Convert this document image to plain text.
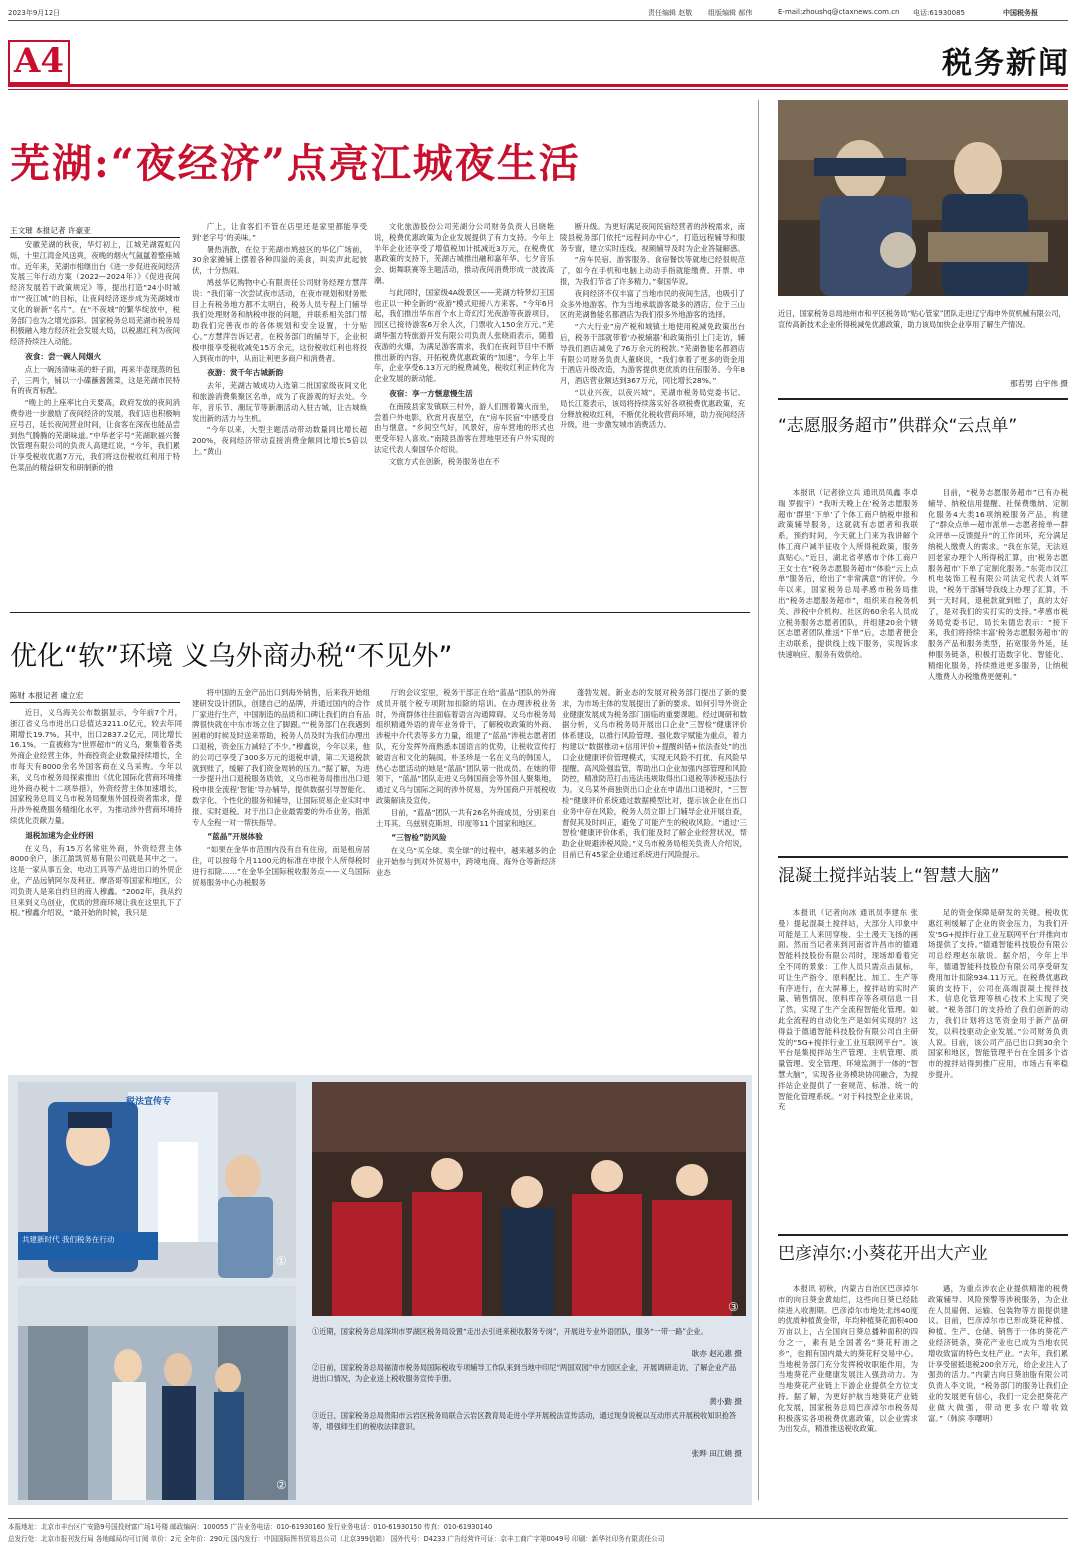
2023年9月12日	责任编辑 赵敬 组版编辑 郝伟	E-mail:zhoushq@ctaxnews.com.cn 电话:61930085	中国税务报
A4	税务新闻
芜湖:“夜经济”点亮江城夜生活
王文璀 本报记者 许豪亚

安徽芜湖的秋夜，华灯初上，江城芜湖霓虹闪烁，十里江湾金风送爽，夜晚的烟火气氤氲着整座城市。近年来，芜湖市相继出台《进一步促进夜间经济发展三年行动方案（2022—2024年）》《促进夜间经济发展若干政策规定》等，提出打造“24小时城市”“夜江城”的目标，让夜间经济逐步成为芜湖城市文化的崭新“名片”。在“不夜城”的繁华绽放中，税务部门也为之增光添彩。国家税务总局芜湖市税务局积极融入地方经济社会发展大局，以税惠红利为夜间经济持续注入动能。

夜食：尝一碗人间烟火

点上一碗汤清味美的虾子面，再来半壶现蒸的包子，三两个，铺以一小碟蘸酱酱菜，这是芜湖市民特有的夜宵标配。

“晚上的上座率比白天要高，政府发放的夜间消费券进一步激励了夜间经济的发展，我们店也积极响应号召，延长夜间营业时间，让食客在深夜也能品尝到热气腾腾的芜湖味道。”中华老字号“芜湖耿福兴餐饮管理有限公司的负责人高建红说，“今年，我们累计享受税收优惠7万元，我们将这份税收红利用于特色菜品的精益研发和研制新的推

广上，让食客们不管在店里还是家里都能享受到‘老字号’的美味。”

暑热消散，在位于芜湖市鸠兹区的华亿广场前，30余家摊铺上摆着各种四溢的美食，叫卖声此起彼伏，十分热闹。

鸠兹华亿购物中心有限责任公司财务经理方慧萍说：“我们第一次尝试夜市活动，在夜市规划和财务账目上有税务地方都不太明白，税务人员专程上门辅导我们处理财务和纳税申报的问题，并联系相关部门帮助我们完善夜市的各体规划和安全设置，十分贴心。”方慧萍告诉记者，在税务部门的辅导下，企业积极申报享受税收减免15万余元，这份税收红利也将投入到夜市的中，从而让利更多商户和消费者。

夜游：赏千年古城新韵

去年，芜湖古城成功入选第二批国家级夜间文化和旅游消费集聚区名单，成为了夜游观的好去处。今年，音乐节、潮玩节等新潮活动入驻古城，让古城焕发出新的活力与生机。

“今年以来，大型主题活动带动数量同比增长超200%，夜间经济带动直接消费金额同比增长5倍以上。”黄山

文化旅游股份公司芜湖分公司财务负责人吕晓艳说，税费优惠政策为企业发展提供了有力支持。今年上半年企业还享受了增值税加计抵减近3万元，在税费优惠政策的支持下，芜湖古城推出融和嘉年华、七夕音乐会、街舞联赛等主题活动，推动夜间消费形成一波波高潮。

与此同时，国家级4A级景区——芜湖方特梦幻王国也正以一种全新的“夜游”模式迎接八方来客。“今年6月起，我们推出华东首个水上奇幻灯光夜游等夜游项目，园区已接待游客6万余人次，门票收入150余万元。”芜湖华强方特旅游开发有限公司负责人张晓雨表示，随着夜游的火爆，为满足游客需求，我们在夜间节目中不断推出新的内容，开拓税费优惠政策的“加速”，今年上半年，企业享受6.13万元的税费减免，税收红利正转化为企业发展的新动能。

夜宿：享一方惬意慢生活

在南陵县家发镇联三村外，游人们围着篝火而坐，尝着户外电影，欣赏月夜星空，在“房车民宿”中感受自由与惬意。“乡间空气好，风景好，房车营地的形式也更受年轻人喜欢。”南陵县游客在营地里还有户外实现的法定代表人秦国华介绍说。

文旅方式在创新，税务服务也在不

断升级。为更好满足夜间民宿经营者的涉税需求，南陵县税务部门依托“远程问办中心”，打造远程辅导和服务专窗，建立实时连线、视频辅导及时为企业答疑解惑。

“房车民宿、游客服务、食宿餐饮等就地已经很规范了，如今在手机和电脑上动动手指就能缴费、开票、申报，为我们节省了许多精力。”秦国华说。

夜间经济不仅丰富了当地市民的夜间生活，也吸引了众多外地游客。作为当地承载游客最多的酒店，位于三山区的芜湖鲁能名都酒店为我们很多外地游客的选择。

“六大行业”房产税和城镇土地使用税减免政策出台后，税务干部就带着‘办税辅器’和政策指引上门走访，辅导我们酒店减免了76万余元的税款。”芜湖鲁能名都酒店有限公司财务负责人董晓说，“我们拿着了更多的资金用于酒店升级改造，为游客提供更优质的住宿服务。今年8月，酒店营业额达到367万元，同比增长28%。”

“以业兴夜，以夜兴城”。芜湖市税务局党委书记、局长江菱表示，该局将持续落实好各项税费优惠政策，充分释放税收红利，不断优化税收营商环境，助力夜间经济升级，进一步激发城市消费活力。

近日，国家税务总局池州市和平区税务局“贴心管家”团队走进辽宁海申外贸机械有限公司，宣传高新技术企业所得税减免优惠政策，助力该局加快企业享用了解生产情况。
那若男 白宇伟 摄
“志愿服务超市”供群众“云点单”

本报讯（记者徐立兵 通讯员凤鑫 李卓瑞 罗振宇）“我听天晚上在‘税务志愿服务超市’群里‘下单’了个体工商户纳税申报和政策辅导服务，这就就有志愿者和我联系，预约时间，今天就上门来为我讲解个体工商户减半征收个人所得税政策，服务真贴心。”近日，湖北省孝感市个体工商户王女士在“税务志愿服务超市”体验“云上点单”服务后，给出了“非常满意”的评价。今年以来，国家税务总局孝感市税务局推出“税务志愿服务超市”，组织来自税务机关、涉税中介机构、社区的60余名人员成立税务服务志愿者团队，并组建20余个辖区志愿者团队推送“下单”后，志愿者便会主动联系，提供线上线下服务，实现诉求快速响应、服务有效供给。

目前，“税务志愿服务超市”已有办税辅导、纳税信用提醒、社保费缴纳、定制化服务4大类16项纳税服务产品，构建了“群众点单—超市派单—志愿者接单—群众评单—反馈提升”的工作闭环，充分满足纳税人缴费人的需求。“我在东莞，无法返回老家办理个人所得税汇算，由‘税务志愿服务超市’下单了定制化服务。”东莞市汉江机电装饰工程有限公司法定代表人刘军说，“税务干部辅导我线上办理了汇算，不到一天时间，退税款就到账了，真的太好了，是对我们的实打实的支持。”孝感市税务局党委书记、局长朱德忠表示：“接下来，我们将持续丰富‘税务志愿服务超市’的服务产品和服务类型，拓宽服务外延，延伸服务链条，积极打造数字化、智能化、精细化服务，持续推进更多服务，让纳税人缴费人办税缴费更便利。”

混凝土搅拌站装上“智慧大脑”

本报讯（记者向冰 通讯员李建东 张曼）提起混凝土搅拌站，大部分人印象中可能是工人来回穿梭、尘土漫天飞扬的画面。然而当记者来到河南省许昌市的德通智能科技股份有限公司时，现场却看着完全不同的景象：工作人员只需点击鼠标，可让生产指令、原料配比、加工、生产等有序进行，在大屏幕上，搅拌站的实时产量、销售情况、原料库存等各项信息一目了然，实现了生产全流程智能化管理。如此全流程的自动化生产是如何实现的？这得益于德通智能科技股份有限公司自主研发的“5G+搅拌行业工业互联网平台”。该平台是集搅拌站生产管理、主机管理、质量管理、安全管理、环境监测于一体的“智慧大脑”，实现各业务模块协同融合，为搅拌站企业提供了一套规范、标准、统一的智能化管理系统。“对于科技型企业来说，充

足的资金保障是研发的关键。税收优惠红利缓解了企业的资金压力，为我们开发‘5G+搅拌行业工业互联网平台’并推向市场提供了支持。”德通智能科技股份有限公司总经理赵东敏说。据介绍，今年上半年，德通智能科技股份有限公司享受研发费用加计扣除934.11万元。在税费优惠政策的支持下，公司在高端混凝土搅拌技术、信息化管理等核心技术上实现了突破。“税务部门的支持给了我们创新的动力，我们计划将这笔资金用于新产品研发，以科技驱动企业发展。”公司财务负责人说。目前，该公司产品已出口到30余个国家和地区，智能管理平台在全国多个省市的搅拌站得到推广应用，市场占有率稳步提升。

巴彦淖尔:小葵花开出大产业

本报讯 初秋，内蒙古自治区巴彦淖尔市的向日葵金黄灿烂，这些向日葵已经陆续进入收割期。巴彦淖尔市地处北纬40度的优质种植黄金带，年均种植葵花面积400万亩以上，占全国向日葵总播种面积的四分之一，素有是全国著名“葵花籽油之乡”，也拥有国内最大的葵花籽交易中心。当地税务部门充分发挥税收职能作用，为当地葵花产业健康发展注入强劲动力。为当地葵花产业链上下游企业提供全方位支持。据了解，为更好护航当地葵花产业链化发展，国家税务总局巴彦淖尔市税务局积极落实各项税费优惠政策，以企业需求为出发点，精准推送税收政策。

遇，为重点涉农企业提供精准的税费政策辅导、风险预警等涉税服务，为企业在人员雇佣、运输、包装物等方面提供建议。目前，巴彦淖尔市已形成葵花种植、种植、生产、仓储、销售于一体的葵花产业经济链条，葵花产业也已成为当地农民增收致富的特色支柱产业。“去年，我们累计享受留抵退税200余万元，给企业注入了强劲的活力。”内蒙古向日葵油脂有限公司负责人李文说，“税务部门的服务让我们企业的发展更有信心，我们一定会把葵花产业做大做强，带动更多农户增收致富。”（韩滨 李曙明）

优化“软”环境 义乌外商办税“不见外”
陈财 本报记者 虞立宏

近日，义乌海关公布数据显示，今年前7个月，浙江省义乌市进出口总值达3211.0亿元，较去年同期增长19.7%。其中，出口2837.2亿元，同比增长16.1%。一直被称为“世界超市”的义乌，聚集着各类外商企业经营主体，外商投资企业数量持续增长，全市每天有8000余名外国客商在义乌采购。今年以来，义乌市税务局探索推出《优化国际化营商环境推进外商办税十二项举措》，外资经营主体加速增长，国家税务总局义乌市税务局聚焦外国投资者需求，提升涉外税费服务精细化水平，为推动涉外营商环境持续优化贡献力量。

退税加速为企业纾困

在义乌，有15万名常驻外商，外资经营主体8000余户，浙江盈凯贸易有限公司就是其中之一。这是一家从事五金、电动工具等产品进出口的外贸企业，产品远销阿尔及利亚、摩洛哥等国家和地区，公司负责人是来自约旦的商人穆鑫。“2002年，我从约旦来到义乌创业，优质的营商环境让我在这里扎下了根。”穆鑫介绍说，“最开始的时候，我只是

将中国的五金产品出口到海外销售，后来我开始组建研发设计团队，创建自己的品牌，并通过国内的合作厂家进行生产，中国制造的品质和口碑让我们的自有品牌很快就在中东市场立住了脚跟。”“税务部门在我遇到困难的时候及时送来帮助，税务人员及时为我们办理出口退税，资金压力减轻了不少。”穆鑫说，今年以来，他的公司已享受了300多万元的退税申请，第二天退税款就到账了，缓解了我们资金周转的压力。”据了解，为进一步提升出口退税服务质效，义乌市税务局推出出口退税申报全流程‘智能’导办辅导，提供数据引导智能化、数字化、个性化的服务和辅导，让国际贸易企业实时申报、实时退税。对于出口企业最需要的外币业务，指派专人全程一对一帮扶指导。

“蓝晶”开展体验

“如果在金华市范围内没有自有住房，而是租房居住，可以按每个月1100元的标准在申报个人所得税时进行扣除……”在金华全国际税收服务点——义乌国际贸易服务中心办税服务

厅的会议室里，税务干部正在给“蓝晶”团队的外商成员开展个税专项附加扣除的培训。在办理涉税业务时，外商群体往往面临着语言沟通障碍。义乌市税务局组织精通外语的青年业务骨干，了解税收政策的外商、涉税中介代表等多方力量，组建了“蓝晶”涉税志愿者团队，充分发挥外商熟悉本国语言的优势，让税收宣传打破语言和文化的隔阂。朴圣珍是一名在义乌的韩国人，热心志愿活动的她是“蓝晶”团队第一批成员。在她的带领下，“蓝晶”团队走进义乌韩国商会等外国人聚集地，通过义乌与国际之间的涉外贸易，为外国商户开展税收政策解读及宣传。

目前，“蓝晶”团队一共有26名外商成员，分别来自土耳其、乌兹别克斯坦、印度等11个国家和地区。

“三智检”防风险

在义乌“买全球、卖全球”的过程中，越来越多的企业开始参与到对外贸易中，跨境电商、海外仓等新经济业态

蓬勃发展。新业态的发展对税务部门提出了新的要求，为市场主体的发展提出了新的要求。如何引导外资企业健康发展成为税务部门面临的重要课题。经过调研和数据分析，义乌市税务局开展出口企业“三智检”健康评价体系建设，以推行风险管理、强化数字赋能为重点，着力构建以“数据推动+信用评价+提醒纠错+依法查处”的出口企业健康评价管理模式，实现无风险不打扰、有风险早提醒、高风险强监管，帮助出口企业加强内部管理和风险防控，精准防范打击违法违规取得出口退税等涉税违法行为。义乌某外商独资出口企业在申请出口退税时，“三智检”健康评价系统通过数据模型比对，提示该企业在出口业务中存在风险，税务人员立即上门辅导企业开展自查，督促其及时纠正，避免了可能产生的税收风险。“通过‘三智检’健康评价体系，我们能及时了解企业经营状况，帮助企业规避涉税风险。”义乌市税务局相关负责人介绍说，目前已有45家企业通过系统进行风险提示。

税法宣传专
共建新时代 我们税务在行动
①
②
③
①近期，国家税务总局深圳市罗湖区税务局设置“走出去引进来税收服务专岗”，开展进专业外语团队，服务“一带一路”企业。
耿亦 赵沁惠 摄
②日前，国家税务总局福清市税务局国际税收专项辅导工作队来到当地中印尼“两国双园”中方园区企业，开展调研走访，了解企业产品进出口情况，为企业送上税收服务宣传手册。
黄小勤 摄
③近日，国家税务总局贵阳市云岩区税务局联合云岩区教育局走进小学开展税法宣传活动，通过现身说税以互动形式开展税收知识抢答等，增强师生们的税收法律意识。
张晔 田江娟 摄
本报地址：北京市丰台区广安路9号国投财富广场1号楼 邮政编码：100055 广告业务电话：010-61930160 发行业务电话：010-61930150 传真：010-61930140
总发行处：北京市报刊发行局 各地邮局均可订阅 单价：2元 全年价：290元 国内发行：中国国际图书贸易总公司（北京399信箱） 国外代号：D4233 广告经营许可证：京丰工商广字第0049号 印刷：新华社印务有限责任公司
